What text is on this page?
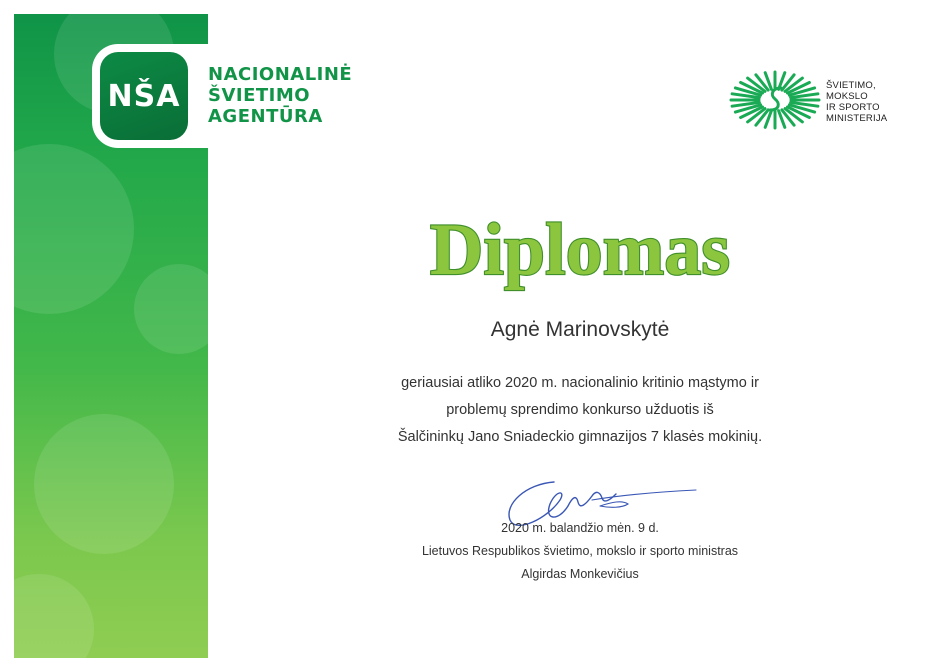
NŠA
NACIONALINĖ
ŠVIETIMO
AGENTŪRA
ŠVIETIMO,
MOKSLO
IR SPORTO
MINISTERIJA
Diplomas
Agnė Marinovskytė
geriausiai atliko 2020 m. nacionalinio kritinio mąstymo ir
problemų sprendimo konkurso užduotis iš
Šalčininkų Jano Sniadeckio gimnazijos 7 klasės mokinių.
2020 m. balandžio mėn. 9 d.
Lietuvos Respublikos švietimo, mokslo ir sporto ministras
Algirdas Monkevičius
